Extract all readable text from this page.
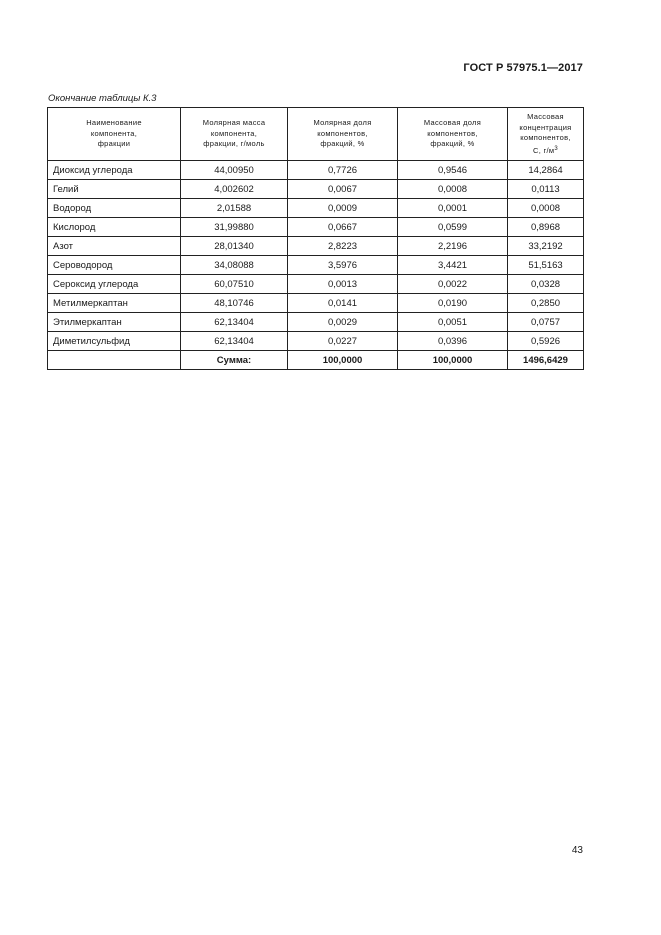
ГОСТ Р 57975.1—2017
Окончание таблицы К.3
Наименование
компонента,
фракции	Молярная масса
компонента,
фракции, г/моль	Молярная доля
компонентов,
фракций, %	Массовая доля
компонентов,
фракций, %	Массовая
концентрация
компонентов,
C, $г/м^3$

Диоксид углерода	44,00950	0,7726	0,9546	14,2864
Гелий	4,002602	0,0067	0,0008	0,0113
Водород	2,01588	0,0009	0,0001	0,0008
Кислород	31,99880	0,0667	0,0599	0,8968
Азот	28,01340	2,8223	2,2196	33,2192
Сероводород	34,08088	3,5976	3,4421	51,5163
Сероксид углерода	60,07510	0,0013	0,0022	0,0328
Метилмеркаптан	48,10746	0,0141	0,0190	0,2850
Этилмеркаптан	62,13404	0,0029	0,0051	0,0757
Диметилсульфид	62,13404	0,0227	0,0396	0,5926
	Сумма:	100,0000	100,0000	1496,6429
43
